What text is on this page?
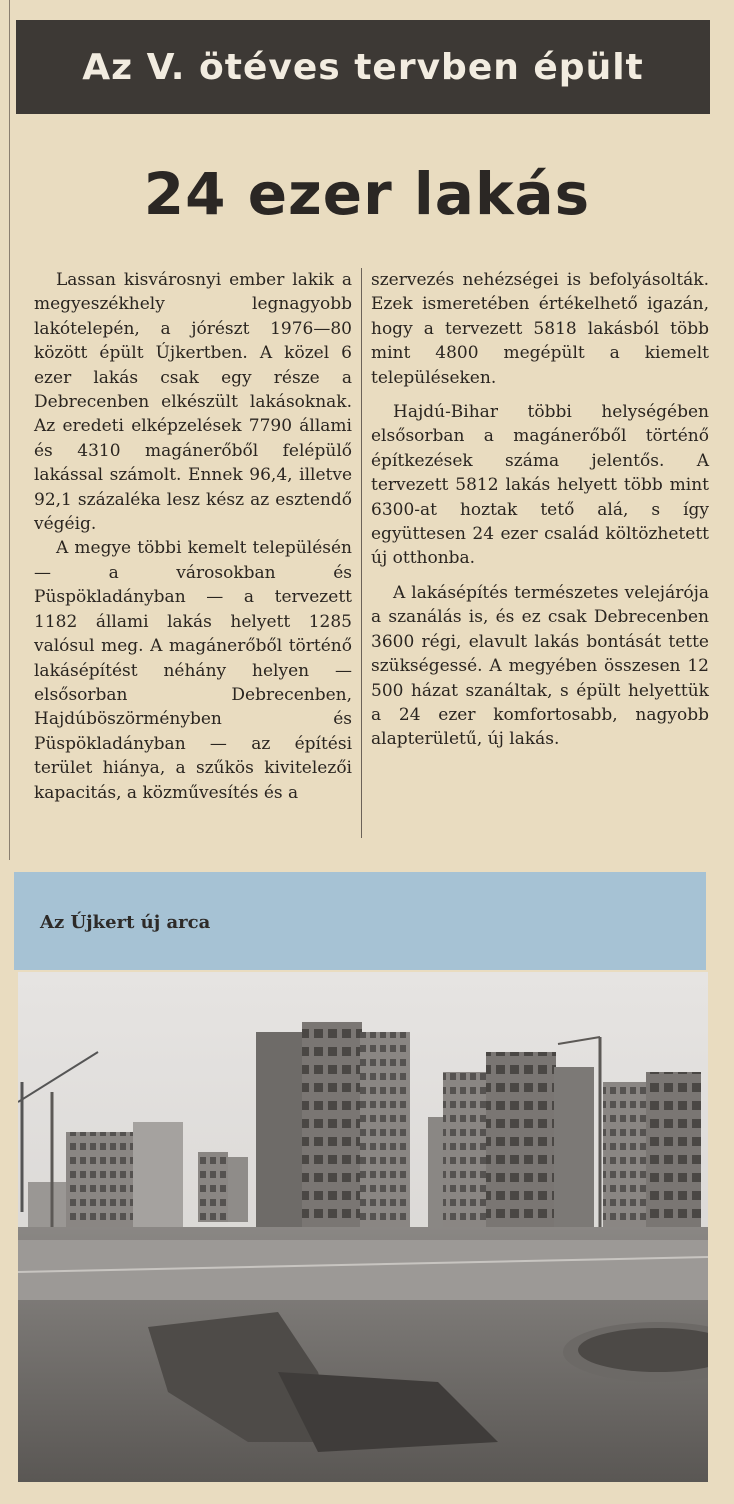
Az V. ötéves tervben épült
24 ezer lakás

Lassan kisvárosnyi ember lakik a megyeszékhely legnagyobb lakótelepén, a jórészt 1976—80 között épült Újkertben. A közel 6 ezer lakás csak egy része a Debrecenben elkészült lakásoknak. Az eredeti elképzelések 7790 állami és 4310 magánerőből felépülő lakással számolt. Ennek 96,4, illetve 92,1 százaléka lesz kész az esztendő végéig.

A megye többi kemelt településén — a városokban és Püspökladányban — a tervezett 1182 állami lakás helyett 1285 valósul meg. A magánerőből történő lakásépítést néhány helyen — elsősorban Debrecenben, Hajdúböszörményben és Püspökladányban — az építési terület hiánya, a szűkös kivitelezői kapacitás, a közművesítés és a

szervezés nehézségei is befolyásolták. Ezek ismeretében értékelhető igazán, hogy a tervezett 5818 lakásból több mint 4800 megépült a kiemelt településeken.

Hajdú-Bihar többi helységében elsősorban a magánerőből történő építkezések száma jelentős. A tervezett 5812 lakás helyett több mint 6300-at hoztak tető alá, s így együttesen 24 ezer család költözhetett új otthonba.

A lakásépítés természetes velejárója a szanálás is, és ez csak Debrecenben 3600 régi, elavult lakás bontását tette szükségessé. A megyében összesen 12 500 házat szanáltak, s épült helyettük a 24 ezer komfortosabb, nagyobb alapterületű, új lakás.

Az Újkert új arca
